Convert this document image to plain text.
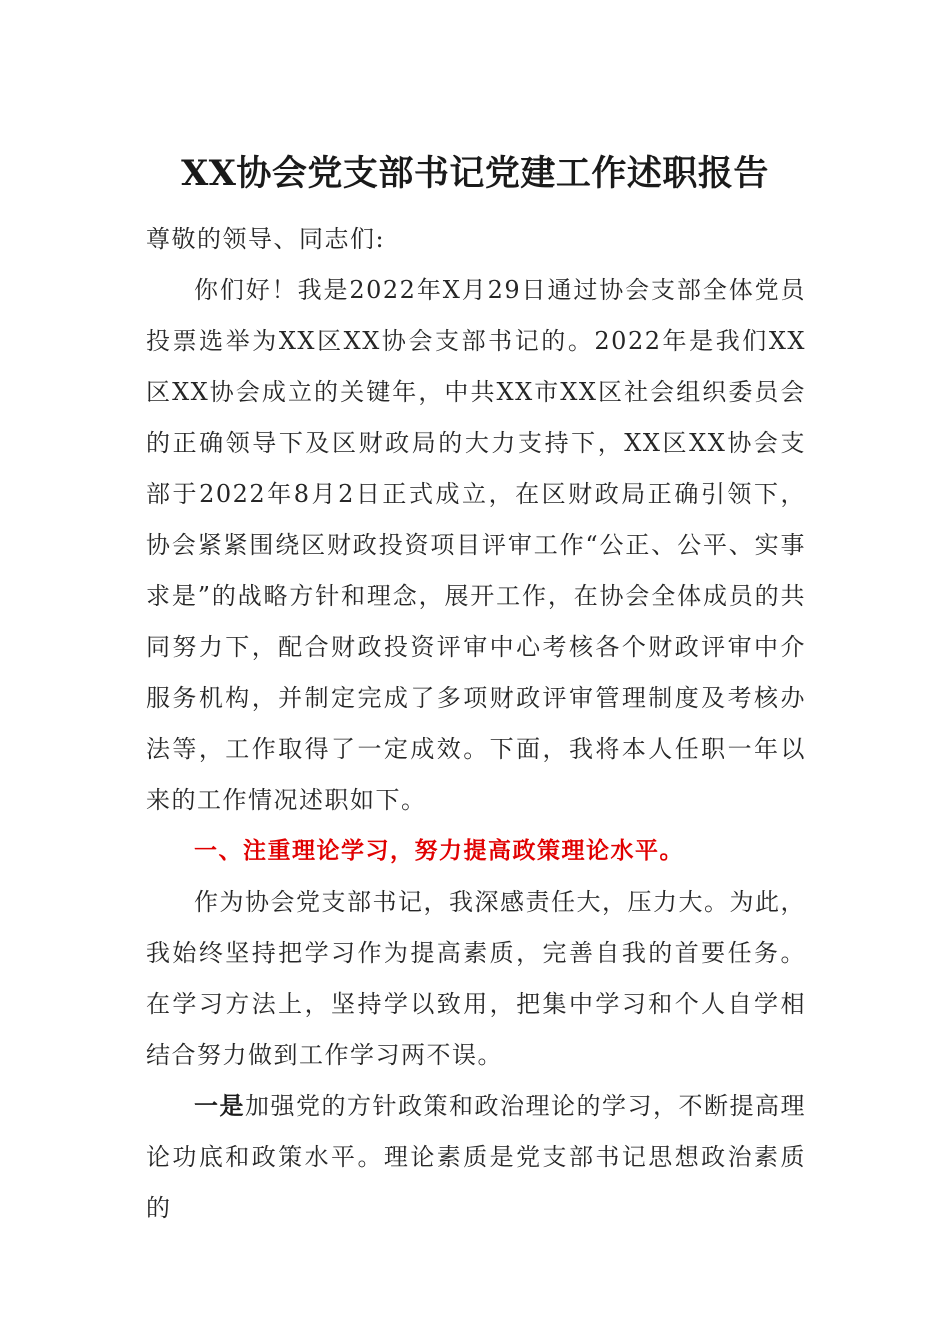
XX协会党支部书记党建工作述职报告

尊敬的领导、同志们:

你们好！我是2022年X月29日通过协会支部全体党员投票选举为XX区XX协会支部书记的。2022年是我们XX区XX协会成立的关键年，中共XX市XX区社会组织委员会的正确领导下及区财政局的大力支持下，XX区XX协会支部于2022年8月2日正式成立，在区财政局正确引领下，协会紧紧围绕区财政投资项目评审工作“公正、公平、实事求是”的战略方针和理念，展开工作，在协会全体成员的共同努力下，配合财政投资评审中心考核各个财政评审中介服务机构，并制定完成了多项财政评审管理制度及考核办法等，工作取得了一定成效。下面，我将本人任职一年以来的工作情况述职如下。

一、注重理论学习，努力提高政策理论水平。

作为协会党支部书记，我深感责任大，压力大。为此，我始终坚持把学习作为提高素质，完善自我的首要任务。在学习方法上，坚持学以致用，把集中学习和个人自学相结合努力做到工作学习两不误。

一是加强党的方针政策和政治理论的学习，不断提高理论功底和政策水平。理论素质是党支部书记思想政治素质的
